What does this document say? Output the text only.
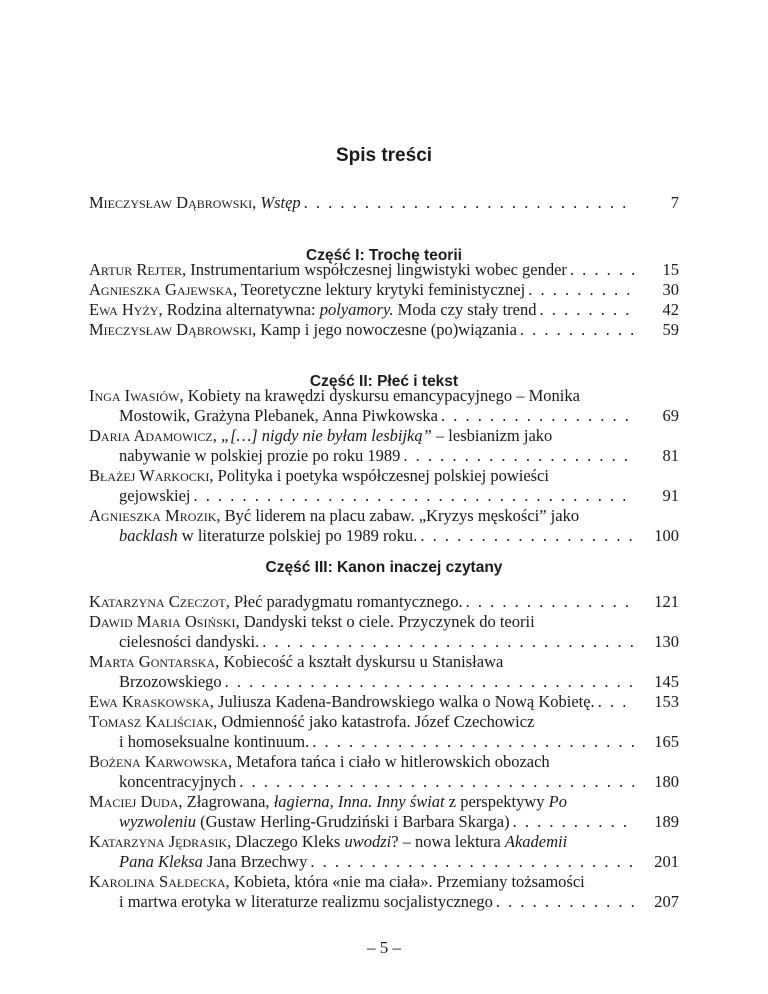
Spis treści
Mieczysław Dąbrowski, Wstęp . . .	7
Część I: Trochę teorii
Artur Rejter, Instrumentarium współczesnej lingwistyki wobec gender . . .	15
Agnieszka Gajewska, Teoretyczne lektury krytyki feministycznej . . .	30
Ewa Hyży, Rodzina alternatywna: polyamory. Moda czy stały trend . . .	42
Mieczysław Dąbrowski, Kamp i jego nowoczesne (po)wiązania . . .	59
Część II: Płeć i tekst
Inga Iwasiów, Kobiety na krawędzi dyskursu emancypacyjnego – Monika
Mostowik, Grażyna Plebanek, Anna Piwkowska . . .	69
Daria Adamowicz, „[…] nigdy nie byłam lesbijką” – lesbianizm jako
nabywanie w polskiej prozie po roku 1989 . . .	81
Błażej Warkocki, Polityka i poetyka współczesnej polskiej powieści
gejowskiej . . .	91
Agnieszka Mrozik, Być liderem na placu zabaw. „Kryzys męskości” jako
backlash w literaturze polskiej po 1989 roku. . . .	100
Część III: Kanon inaczej czytany
Katarzyna Czeczot, Płeć paradygmatu romantycznego. . . .	121
Dawid Maria Osiński, Dandyski tekst o ciele. Przyczynek do teorii
cielesności dandyski. . . .	130
Marta Gontarska, Kobiecość a kształt dyskursu u Stanisława
Brzozowskiego . . .	145
Ewa Kraskowska, Juliusza Kadena-Bandrowskiego walka o Nową Kobietę. . . .	153
Tomasz Kaliściak, Odmienność jako katastrofa. Józef Czechowicz
i homoseksualne kontinuum. . . .	165
Bożena Karwowska, Metafora tańca i ciało w hitlerowskich obozach
koncentracyjnych . . .	180
Maciej Duda, Złagrowana, łagierna, Inna. Inny świat z perspektywy Po
wyzwoleniu (Gustaw Herling-Grudziński i Barbara Skarga) . . .	189
Katarzyna Jędrasik, Dlaczego Kleks uwodzi? – nowa lektura Akademii
Pana Kleksa Jana Brzechwy . . .	201
Karolina Sałdecka, Kobieta, która «nie ma ciała». Przemiany tożsamości
i martwa erotyka w literaturze realizmu socjalistycznego . . .	207
– 5 –
